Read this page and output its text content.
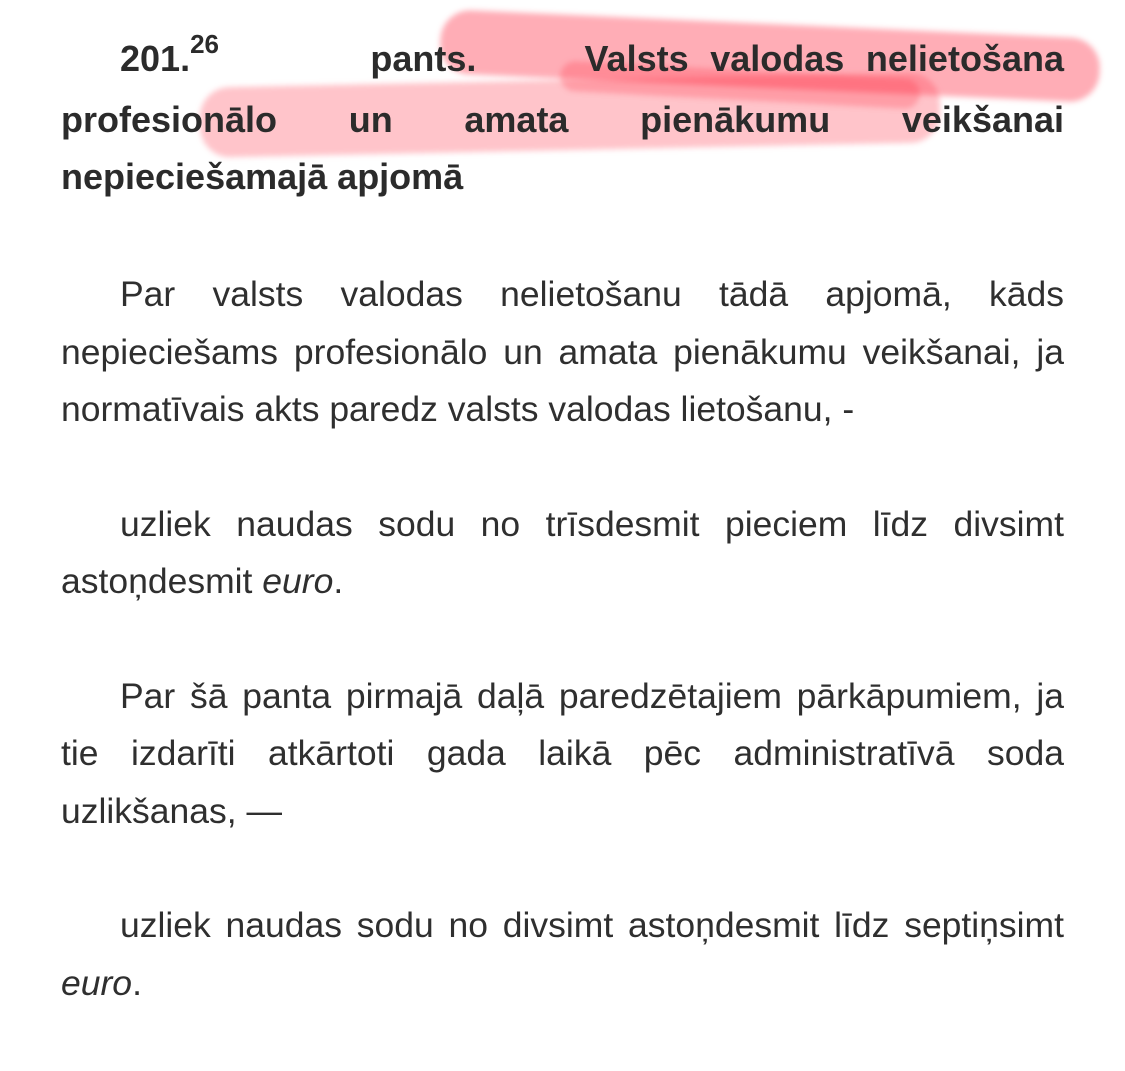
201.26	pants.	Valsts valodas nelietošana profesionālo un amata pienākumu veikšanai nepieciešamajā apjomā

Par valsts valodas nelietošanu tādā apjomā, kāds nepieciešams profesionālo un amata pienākumu veikšanai, ja normatīvais akts paredz valsts valodas lietošanu, -

uzliek naudas sodu no trīsdesmit pieciem līdz divsimt astoņdesmit euro.

Par šā panta pirmajā daļā paredzētajiem pārkāpumiem, ja tie izdarīti atkārtoti gada laikā pēc administratīvā soda uzlikšanas, —

uzliek naudas sodu no divsimt astoņdesmit līdz septiņsimt euro.
